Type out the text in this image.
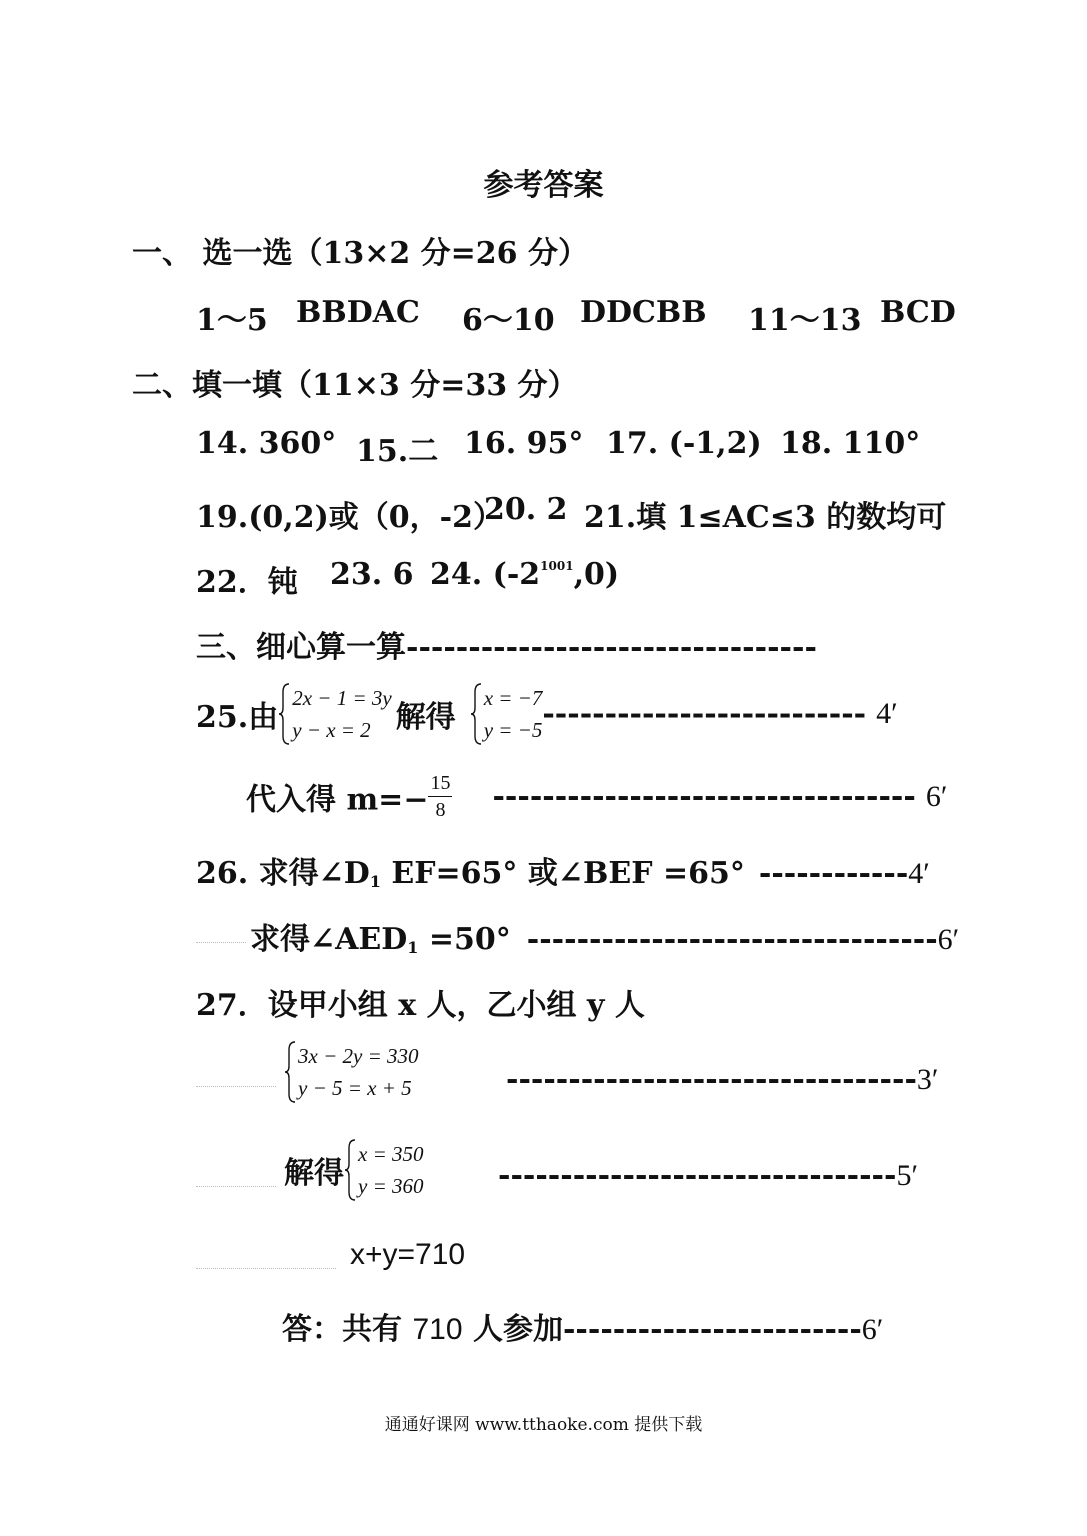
参考答案
一、 选一选（13×2 分=26 分）
1～5 BBDAC 6～10 DDCBB 11～13 BCD
二、填一填（11×3 分=33 分）
14. 360° 15.二 16. 95° 17. (-1,2) 18. 110°
19.(0,2)或（0，-2）
20. 2 21.填 1≤AC≤3 的数均可
22．钝 23. 6 24. $(-2^{1001},0)$
三、细心算一算---------------------------------
25.由
2x − 1 = 3y
y − x = 2 解得
x = −7
y = −5 -------------------------- 4′
代入得 $m=- \frac{15}{8}$ ---------------------------------- 6′
26. 求得$\angle D_1$ EF=65° 或∠BEF =65° ------------4′
求得$\angle AED_1 =50^\circ$ ---------------------------------6′
27．设甲小组 x 人，乙小组 y 人
3x − 2y = 330
y − 5 = x + 5	---------------------------------3′
解得
x = 350
y = 360 --------------------------------5′
x+y=710
答：共有 710 人参加------------------------6′
通通好课网 www.tthaoke.com 提供下载
